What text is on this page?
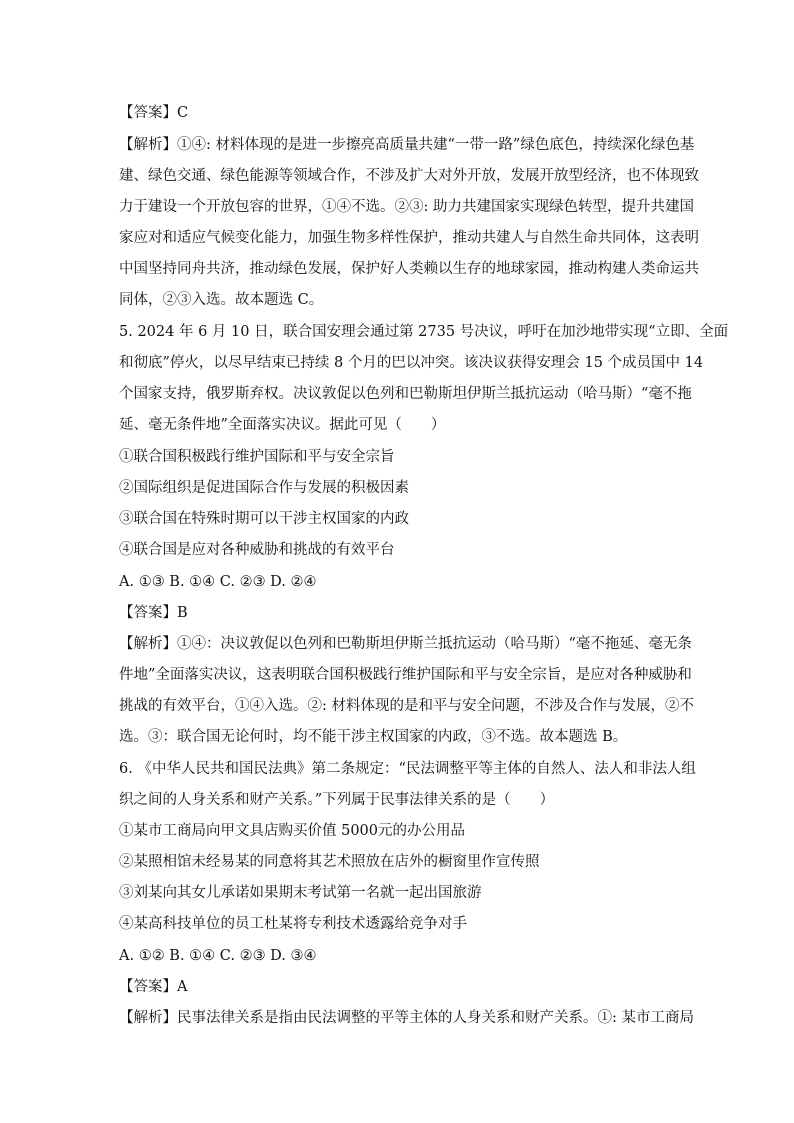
【答案】C
【解析】①④: 材料体现的是进一步擦亮高质量共建“一带一路”绿色底色，持续深化绿色基
建、绿色交通、绿色能源等领域合作，不涉及扩大对外开放，发展开放型经济，也不体现致
力于建设一个开放包容的世界，①④不选。②③: 助力共建国家实现绿色转型，提升共建国
家应对和适应气候变化能力，加强生物多样性保护，推动共建人与自然生命共同体，这表明
中国坚持同舟共济，推动绿色发展，保护好人类赖以生存的地球家园，推动构建人类命运共
同体，②③入选。故本题选 C。
5. 2024 年 6 月 10 日，联合国安理会通过第 2735 号决议，呼吁在加沙地带实现“立即、全面
和彻底”停火，以尽早结束已持续 8 个月的巴以冲突。该决议获得安理会 15 个成员国中 14
个国家支持，俄罗斯弃权。决议敦促以色列和巴勒斯坦伊斯兰抵抗运动（哈马斯）“毫不拖
延、毫无条件地”全面落实决议。据此可见（　　）
①联合国积极践行维护国际和平与安全宗旨
②国际组织是促进国际合作与发展的积极因素
③联合国在特殊时期可以干涉主权国家的内政
④联合国是应对各种威胁和挑战的有效平台
A. ①③ B. ①④ C. ②③ D. ②④
【答案】B
【解析】①④：决议敦促以色列和巴勒斯坦伊斯兰抵抗运动（哈马斯）“毫不拖延、毫无条
件地”全面落实决议，这表明联合国积极践行维护国际和平与安全宗旨，是应对各种威胁和
挑战的有效平台，①④入选。②: 材料体现的是和平与安全问题，不涉及合作与发展，②不
选。③：联合国无论何时，均不能干涉主权国家的内政，③不选。故本题选 B。
6. 《中华人民共和国民法典》第二条规定：“民法调整平等主体的自然人、法人和非法人组
织之间的人身关系和财产关系。”下列属于民事法律关系的是（　　）
①某市工商局向甲文具店购买价值 5000元的办公用品
②某照相馆未经易某的同意将其艺术照放在店外的橱窗里作宣传照
③刘某向其女儿承诺如果期末考试第一名就一起出国旅游
④某高科技单位的员工杜某将专利技术透露给竞争对手
A. ①② B. ①④ C. ②③ D. ③④
【答案】A
【解析】民事法律关系是指由民法调整的平等主体的人身关系和财产关系。①: 某市工商局
